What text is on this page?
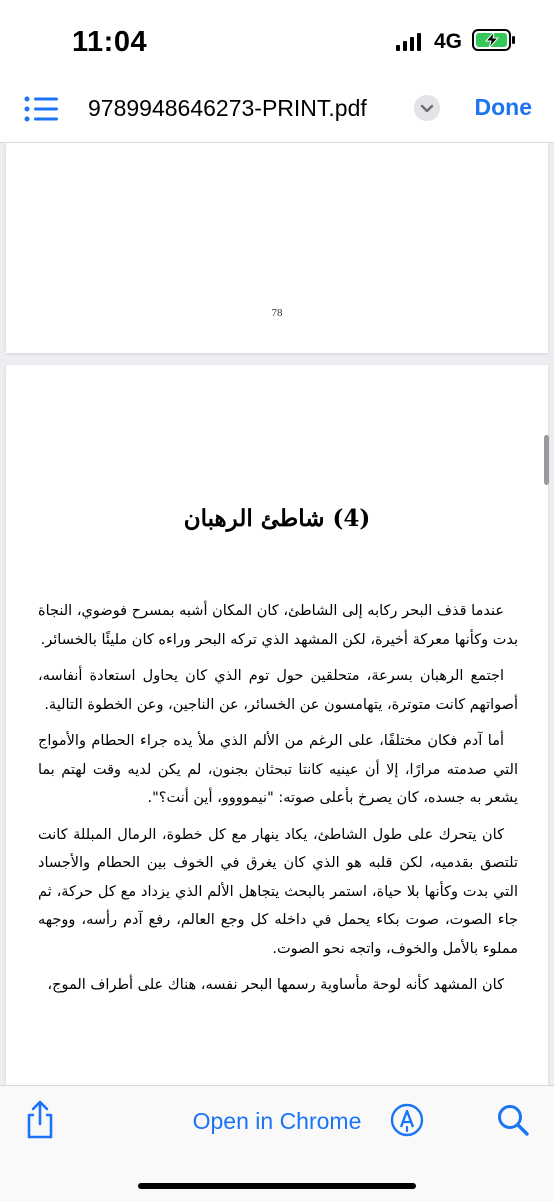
11:04	4G
9789948646273-PRINT.pdf	Done
78
(4) شاطئ الرهبان

عندما قذف البحر ركابه إلى الشاطئ، كان المكان أشبه بمسرح فوضوي، النجاة بدت وكأنها معركة أخيرة، لكن المشهد الذي تركه البحر وراءه كان مليئًا بالخسائر.

اجتمع الرهبان بسرعة، متحلقين حول توم الذي كان يحاول استعادة أنفاسه، أصواتهم كانت متوترة، يتهامسون عن الخسائر، عن الناجين، وعن الخطوة التالية.

أما آدم فكان مختلفًا، على الرغم من الألم الذي ملأ يده جراء الحطام والأمواج التي صدمته مرارًا، إلا أن عينيه كانتا تبحثان بجنون، لم يكن لديه وقت لهتم بما يشعر به جسده، كان يصرخ بأعلى صوته: "نيموووو، أين أنت؟".

كان يتحرك على طول الشاطئ، يكاد ينهار مع كل خطوة، الرمال المبللة كانت تلتصق بقدميه، لكن قلبه هو الذي كان يغرق في الخوف بين الحطام والأجساد التي بدت وكأنها بلا حياة، استمر بالبحث يتجاهل الألم الذي يزداد مع كل حركة، ثم جاء الصوت، صوت بكاء يحمل في داخله كل وجع العالم، رفع آدم رأسه، ووجهه مملوء بالأمل والخوف، واتجه نحو الصوت.

كان المشهد كأنه لوحة مأساوية رسمها البحر نفسه، هناك على أطراف الموج،

Open in Chrome
